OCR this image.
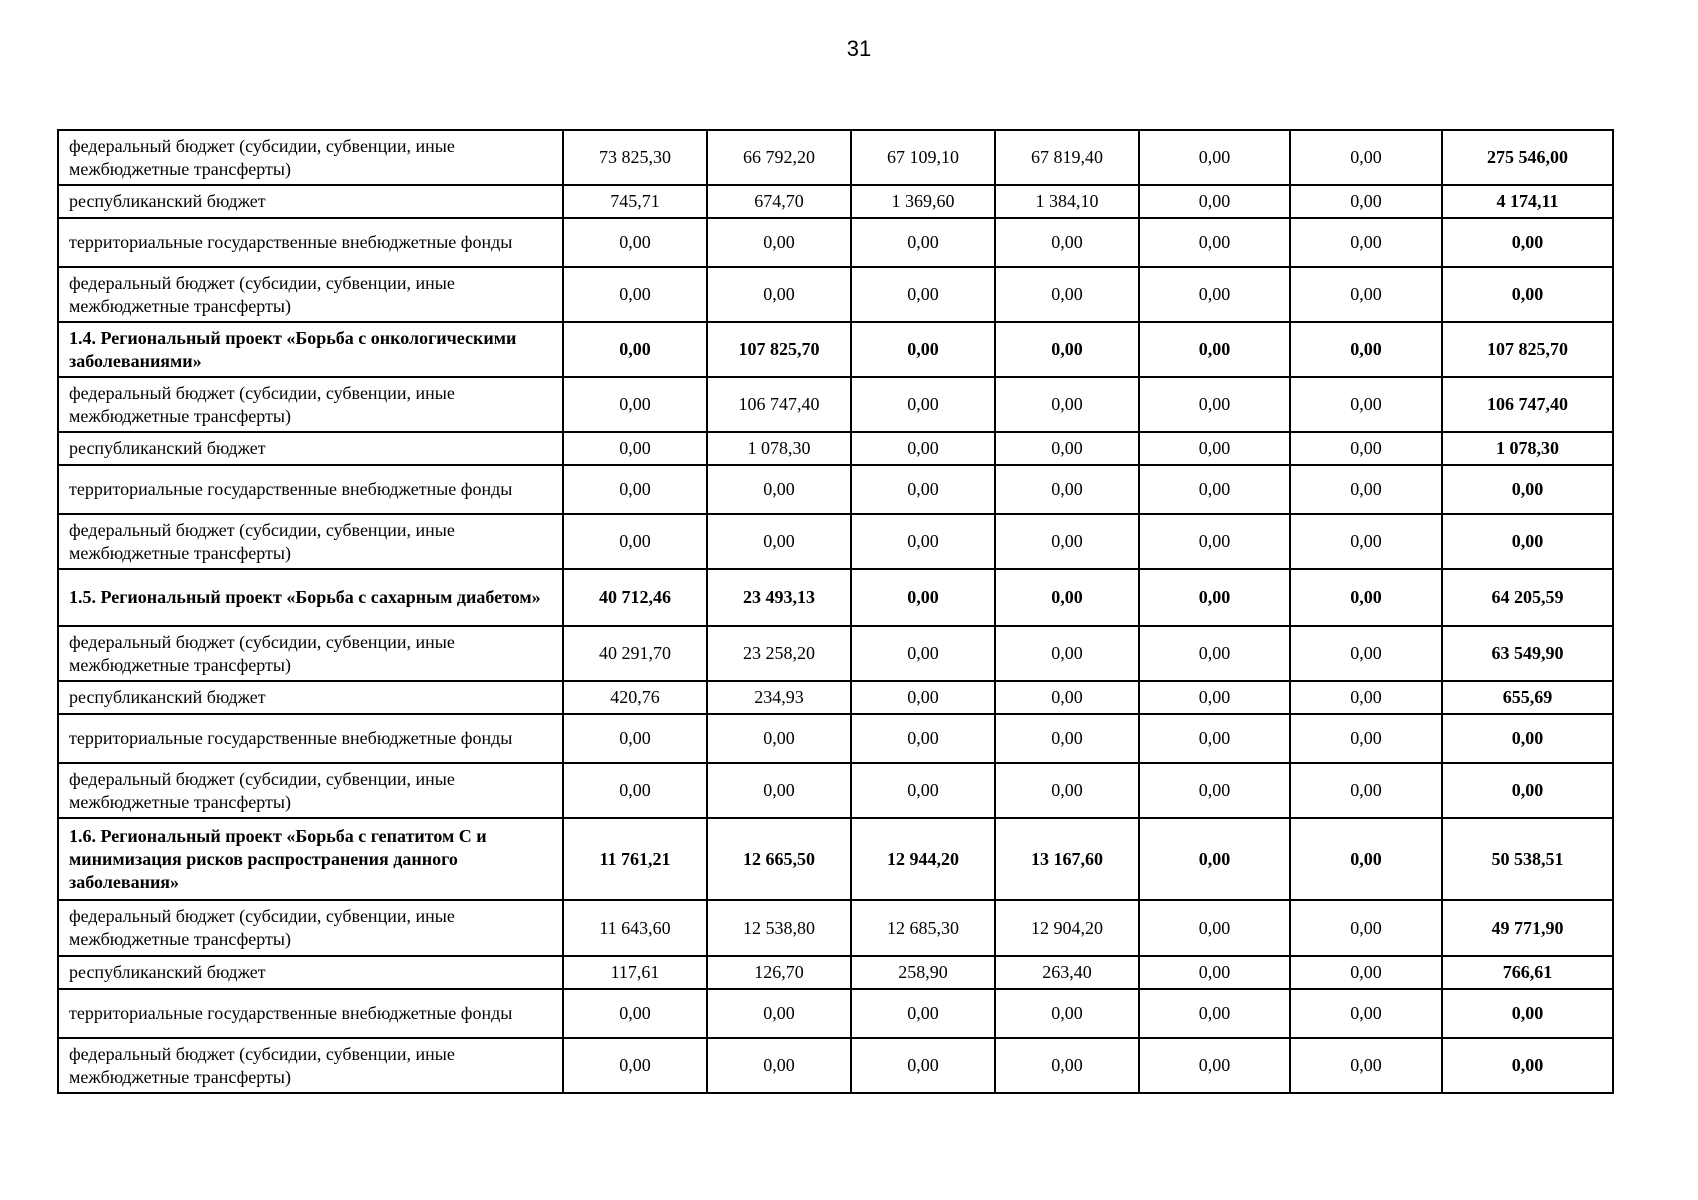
31
федеральный бюджет (субсидии, субвенции, иные межбюджетные трансферты)	73 825,30	66 792,20	67 109,10	67 819,40	0,00	0,00	275 546,00
республиканский бюджет	745,71	674,70	1 369,60	1 384,10	0,00	0,00	4 174,11
территориальные государственные внебюджетные фонды	0,00	0,00	0,00	0,00	0,00	0,00	0,00
федеральный бюджет (субсидии, субвенции, иные межбюджетные трансферты)	0,00	0,00	0,00	0,00	0,00	0,00	0,00
1.4. Региональный проект «Борьба с онкологическими заболеваниями»	0,00	107 825,70	0,00	0,00	0,00	0,00	107 825,70
федеральный бюджет (субсидии, субвенции, иные межбюджетные трансферты)	0,00	106 747,40	0,00	0,00	0,00	0,00	106 747,40
республиканский бюджет	0,00	1 078,30	0,00	0,00	0,00	0,00	1 078,30
территориальные государственные внебюджетные фонды	0,00	0,00	0,00	0,00	0,00	0,00	0,00
федеральный бюджет (субсидии, субвенции, иные межбюджетные трансферты)	0,00	0,00	0,00	0,00	0,00	0,00	0,00
1.5. Региональный проект «Борьба с сахарным диабетом»	40 712,46	23 493,13	0,00	0,00	0,00	0,00	64 205,59
федеральный бюджет (субсидии, субвенции, иные межбюджетные трансферты)	40 291,70	23 258,20	0,00	0,00	0,00	0,00	63 549,90
республиканский бюджет	420,76	234,93	0,00	0,00	0,00	0,00	655,69
территориальные государственные внебюджетные фонды	0,00	0,00	0,00	0,00	0,00	0,00	0,00
федеральный бюджет (субсидии, субвенции, иные межбюджетные трансферты)	0,00	0,00	0,00	0,00	0,00	0,00	0,00
1.6. Региональный проект «Борьба с гепатитом С и минимизация рисков распространения данного заболевания»	11 761,21	12 665,50	12 944,20	13 167,60	0,00	0,00	50 538,51
федеральный бюджет (субсидии, субвенции, иные межбюджетные трансферты)	11 643,60	12 538,80	12 685,30	12 904,20	0,00	0,00	49 771,90
республиканский бюджет	117,61	126,70	258,90	263,40	0,00	0,00	766,61
территориальные государственные внебюджетные фонды	0,00	0,00	0,00	0,00	0,00	0,00	0,00
федеральный бюджет (субсидии, субвенции, иные межбюджетные трансферты)	0,00	0,00	0,00	0,00	0,00	0,00	0,00
